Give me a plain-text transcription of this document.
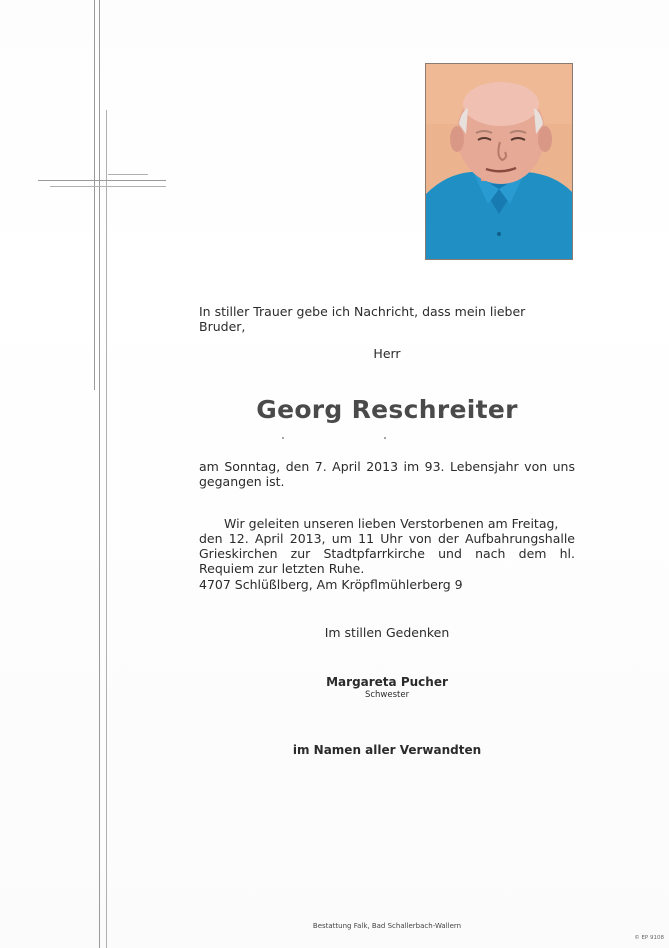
In stiller Trauer gebe ich Nachricht, dass mein lieber Bruder,
Herr
Georg Reschreiter
am Sonntag, den 7. April 2013 im 93. Lebensjahr von uns gegangen ist.
Wir geleiten unseren lieben Verstorbenen am Freitag,
den 12. April 2013, um 11 Uhr von der Aufbahrungshalle Grieskirchen zur Stadtpfarrkirche und nach dem hl. Requiem zur letzten Ruhe.
4707 Schlüßlberg, Am Kröpflmühlerberg 9
Im stillen Gedenken
Margareta Pucher
Schwester
im Namen aller Verwandten
Bestattung Falk, Bad Schallerbach-Wallern
© EP 9108
